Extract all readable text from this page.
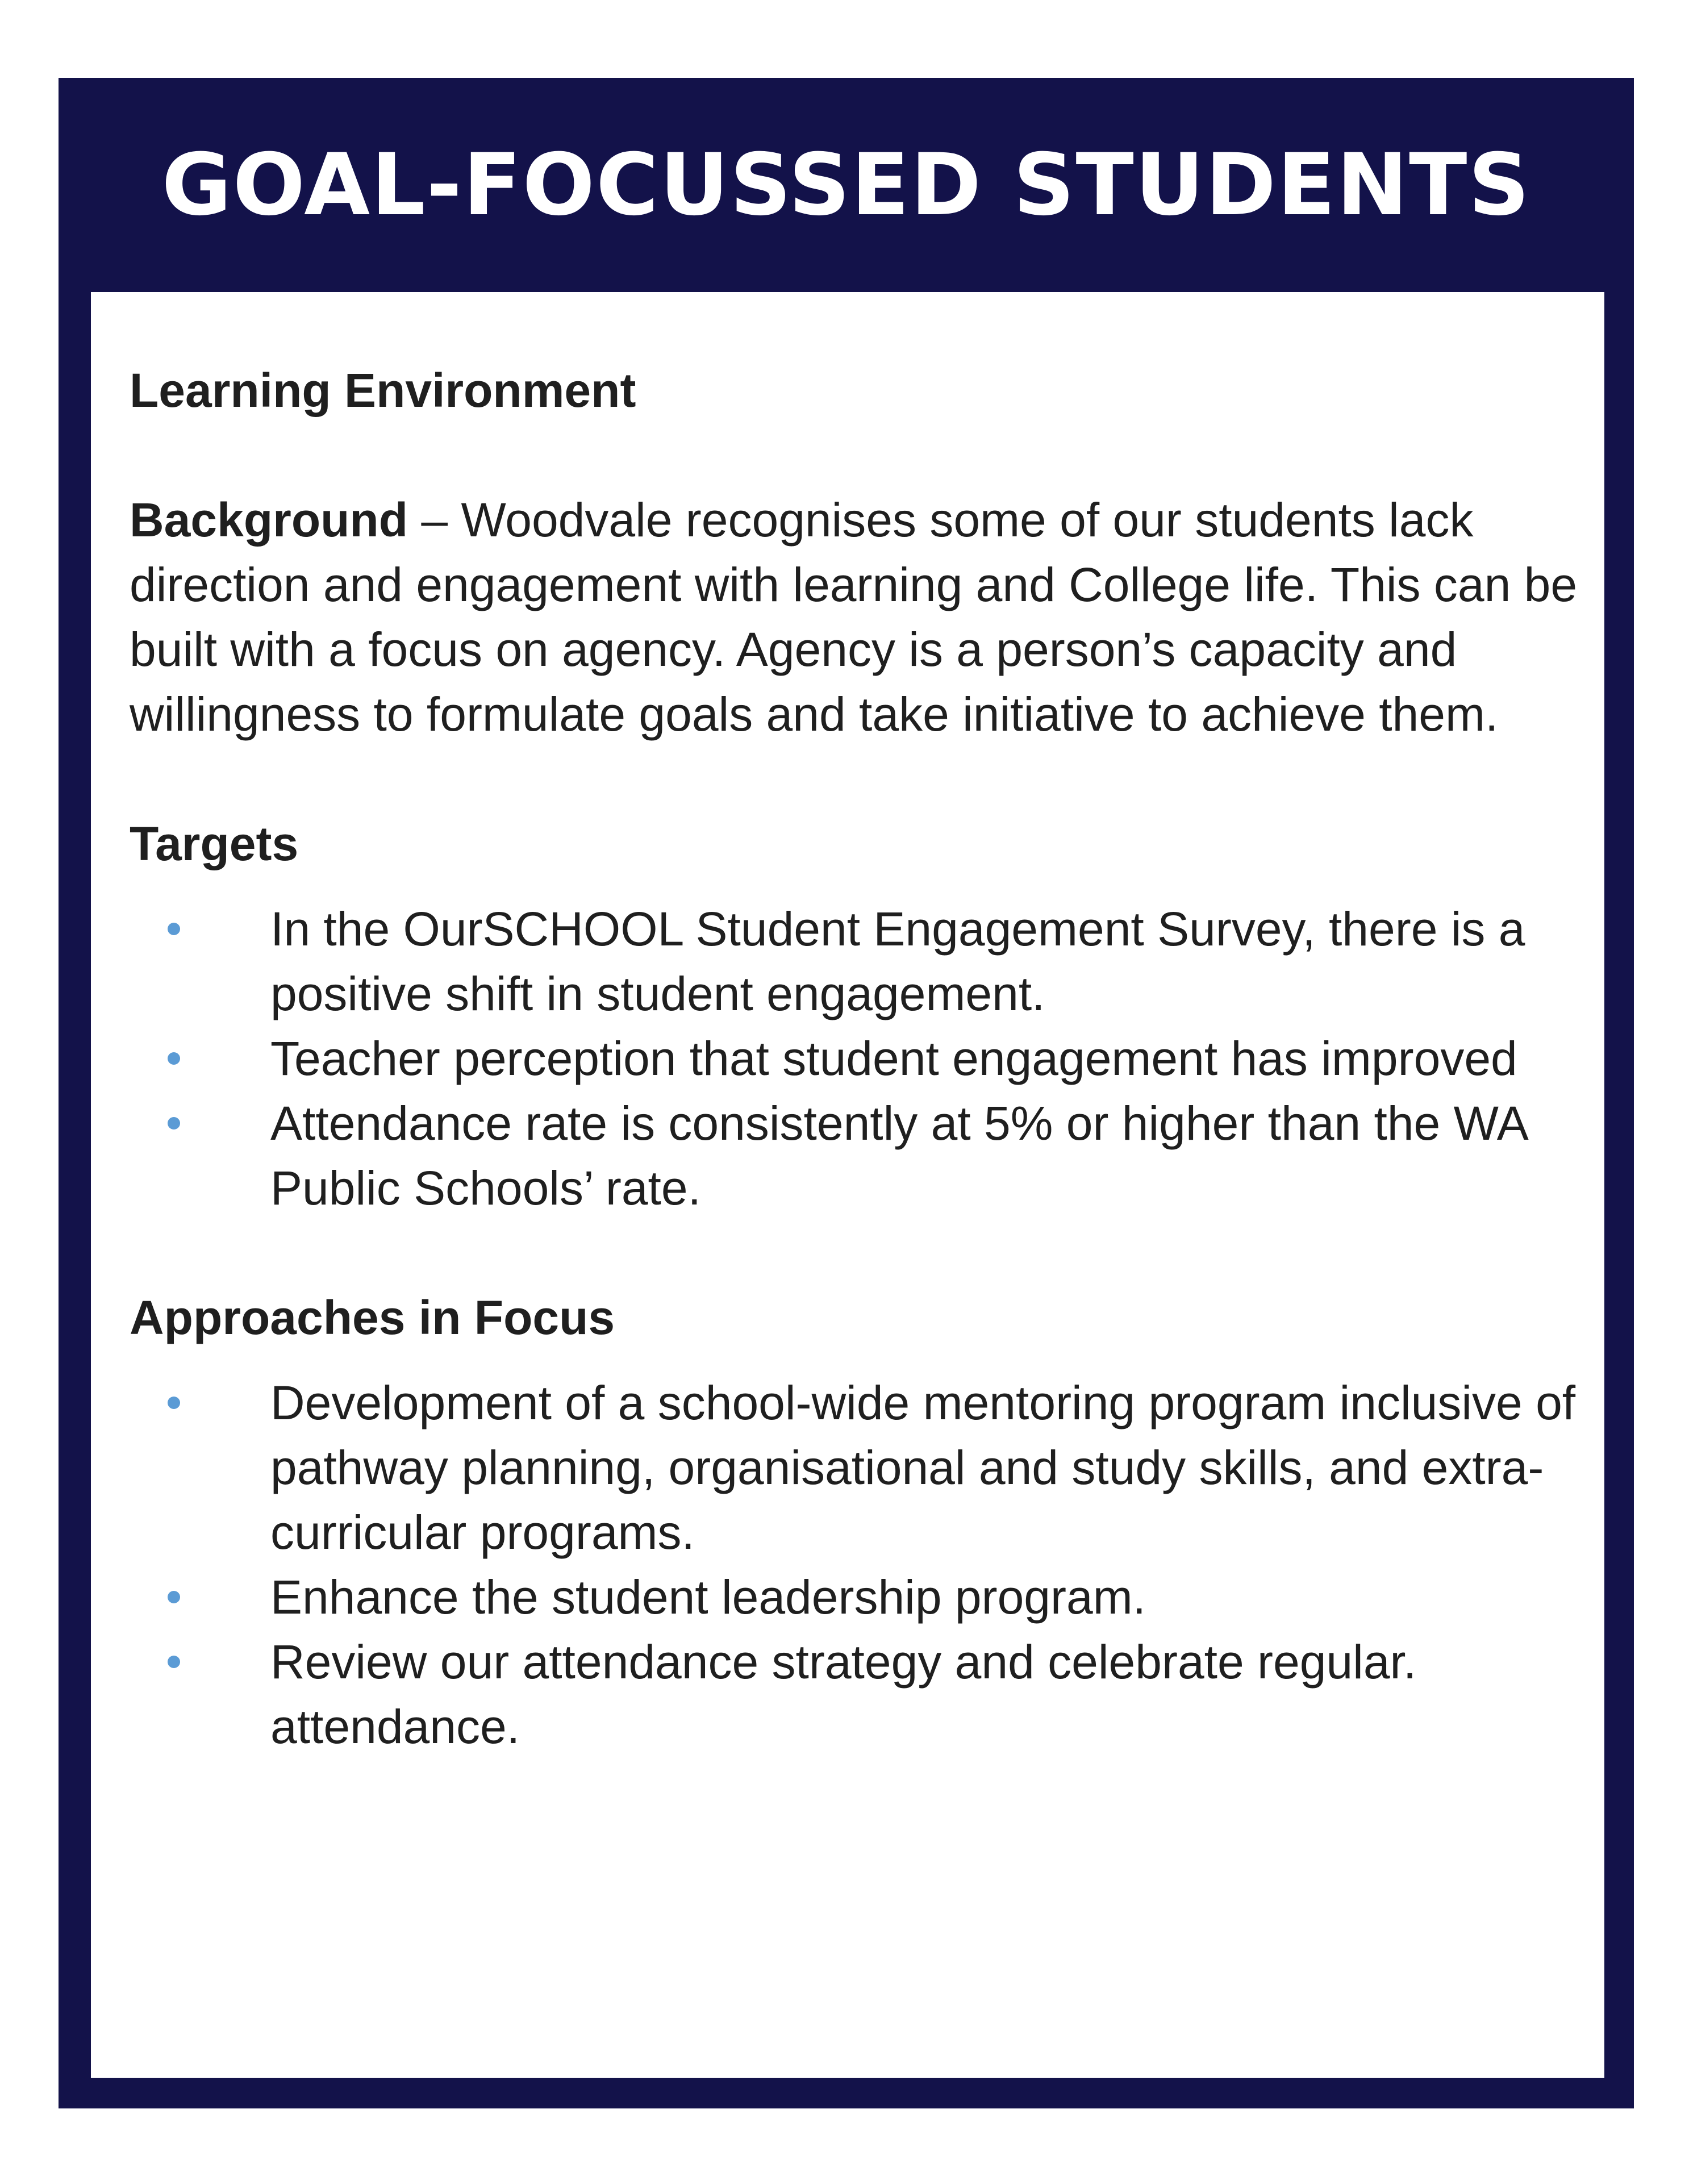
GOAL-FOCUSSED STUDENTS

Learning Environment

Background – Woodvale recognises some of our students lack direction and engagement with learning and College life. This can be built with a focus on agency. Agency is a person’s capacity and willingness to formulate goals and take initiative to achieve them.

Targets

In the OurSCHOOL Student Engagement Survey, there is a positive shift in student engagement.
Teacher perception that student engagement has improved
Attendance rate is consistently at 5% or higher than the WA Public Schools’ rate.

Approaches in Focus

Development of a school-wide mentoring program inclusive of pathway planning, organisational and study skills, and extra-curricular programs.
Enhance the student leadership program.
Review our attendance strategy and celebrate regular. attendance.
